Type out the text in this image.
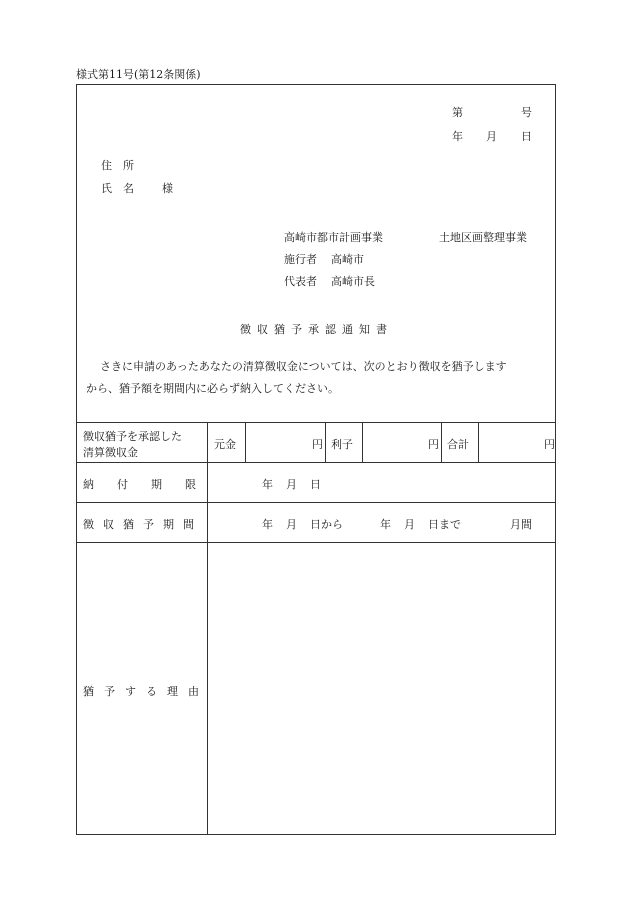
様式第11号(第12条関係)
第	号
年 月 日
住　所
氏　名	様
高崎市都市計画事業	土地区画整理事業
施行者 高崎市
代表者 高崎市長
徴収猶予承認通知書
さきに申請のあったあなたの清算徴収金については、次のとおり徴収を猶予します
から、猶予額を期間内に必らず納入してください。
徴収猶予を承認した
清算徴収金
元金	円 利子	円 合計	円
納付期限	年 月 日
徴収猶予期間	年 月 日から	年 月 日まで	月間
猶予する理由
